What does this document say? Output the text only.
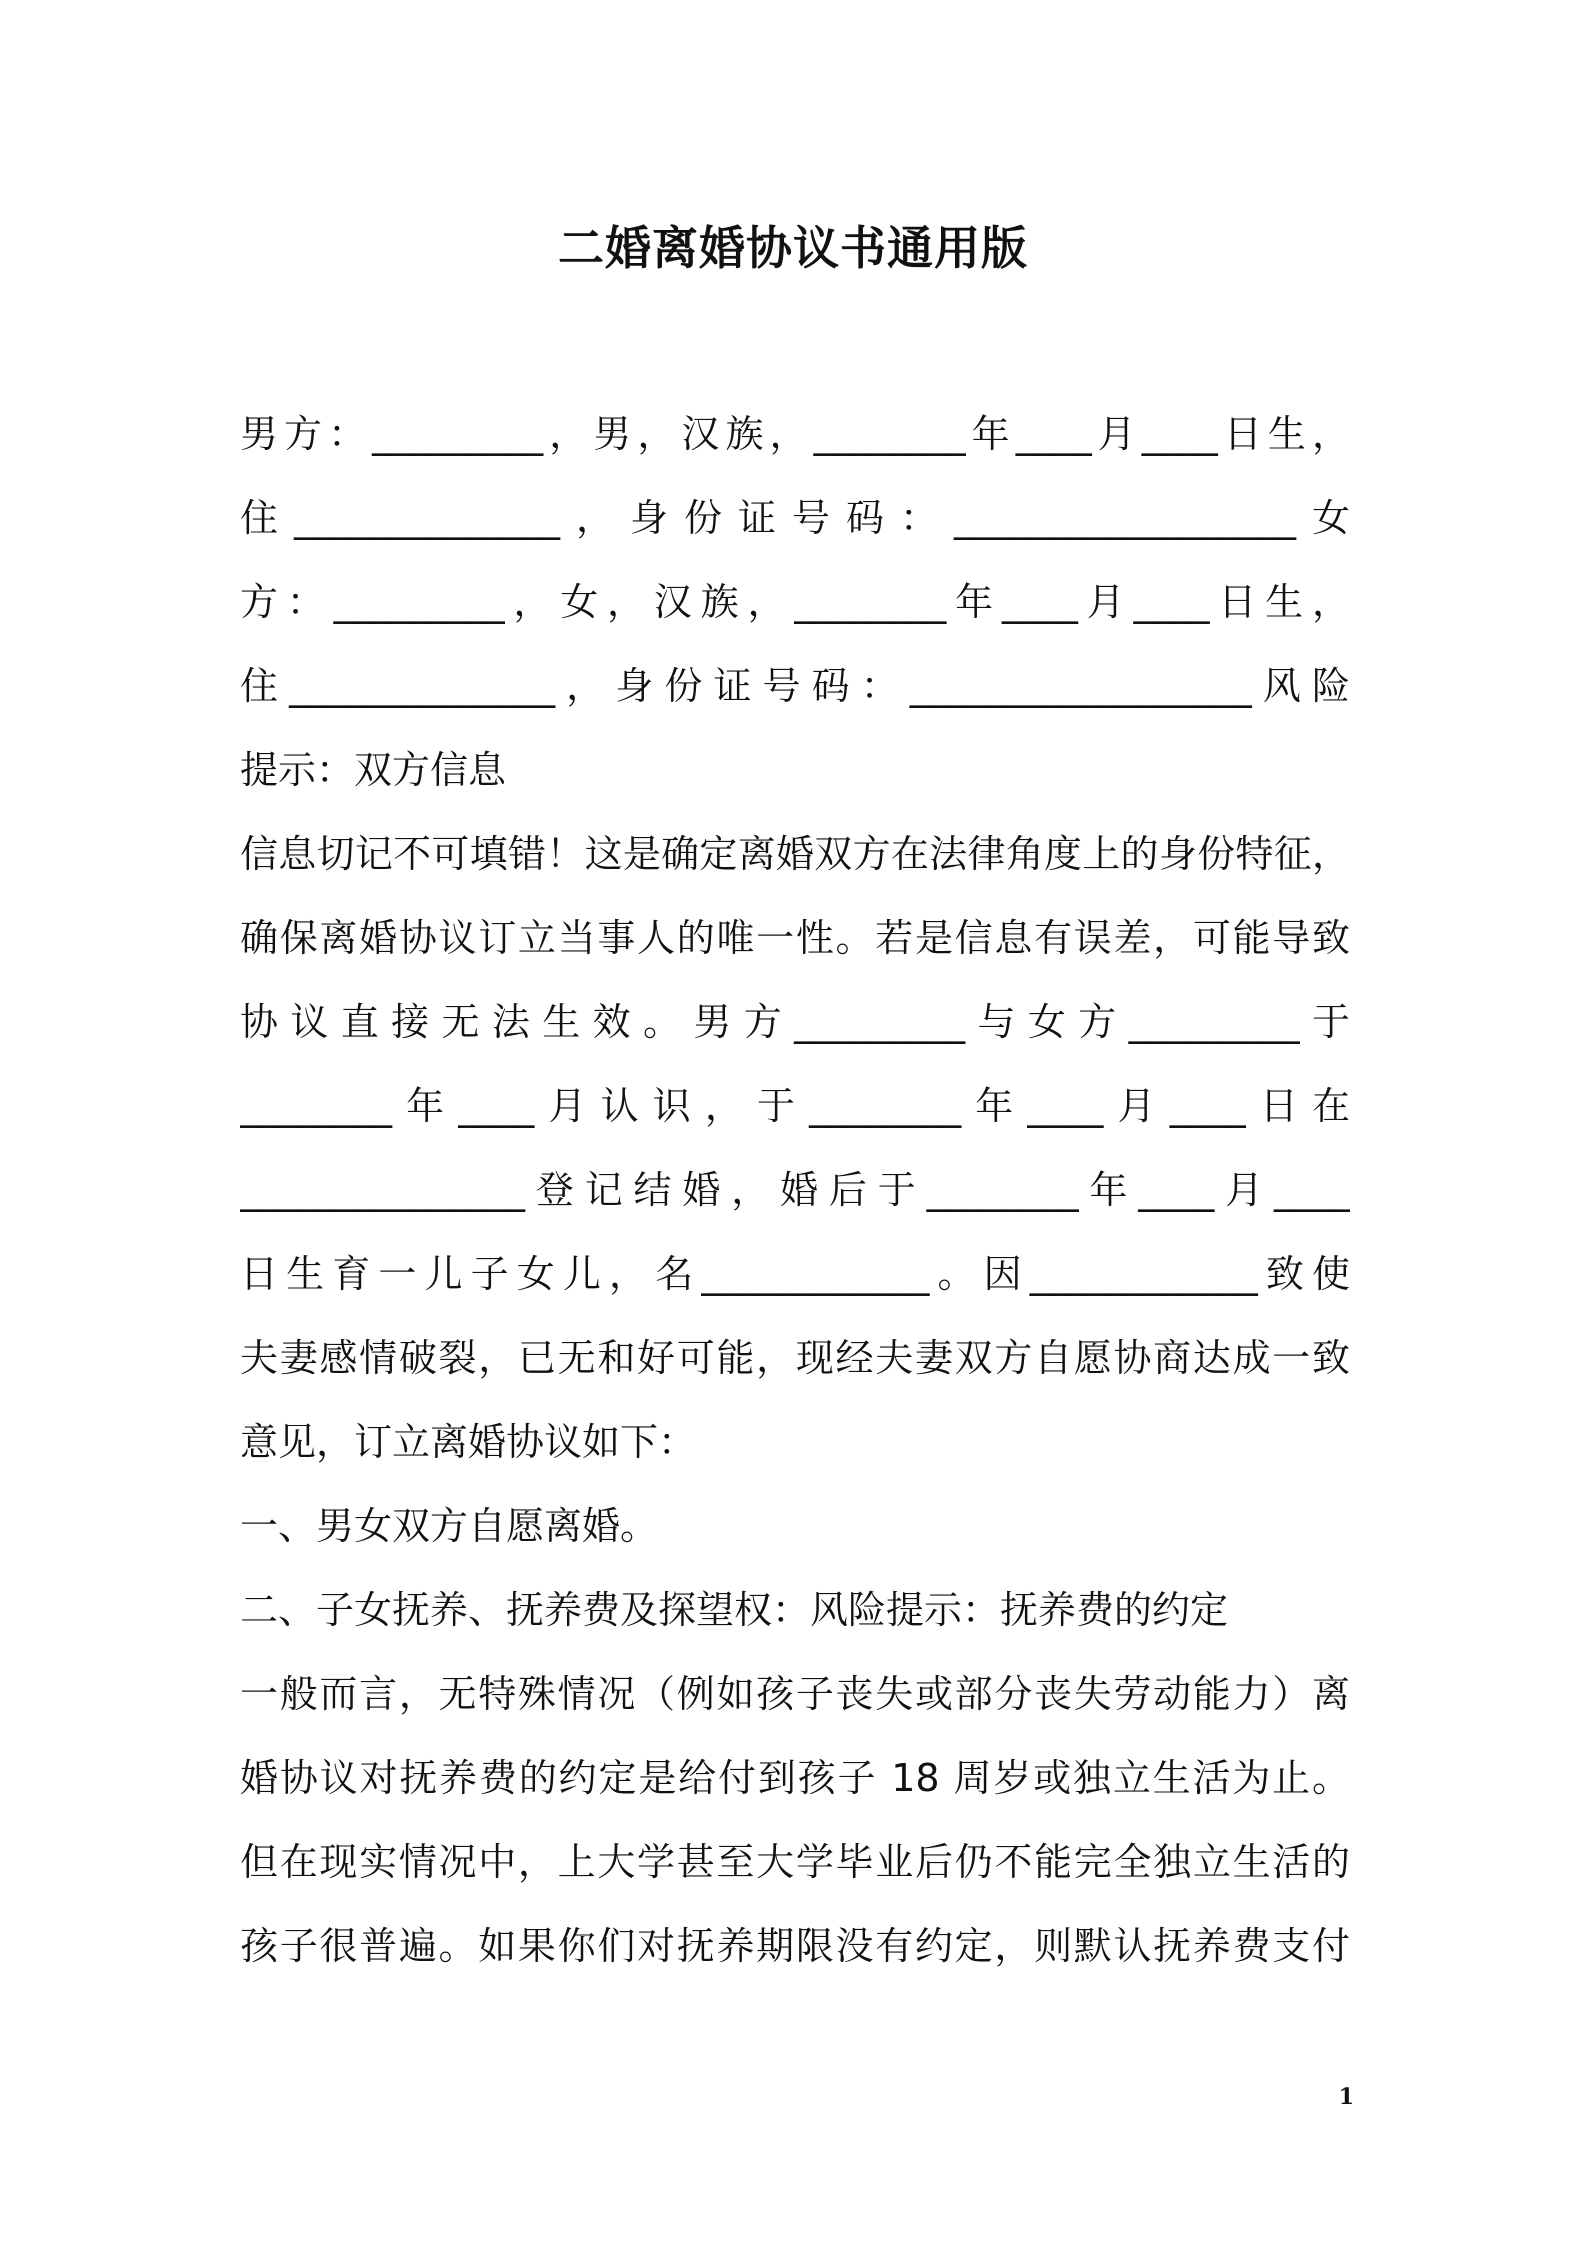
二婚离婚协议书通用版
男方：_________，男，汉族，________年____月____日生，
住______________，身份证号码：__________________女
方：_________，女，汉族，________年____月____日生，
住______________，身份证号码：__________________风险
提示：双方信息
信息切记不可填错！这是确定离婚双方在法律角度上的身份特征，
确保离婚协议订立当事人的唯一性。若是信息有误差，可能导致
协议直接无法生效。男方_________与女方_________于
________年____月认识，于________年____月____日在
_______________登记结婚，婚后于________年____月____
日生育一儿子女儿，名____________。因____________致使
夫妻感情破裂，已无和好可能，现经夫妻双方自愿协商达成一致
意见，订立离婚协议如下：
一、男女双方自愿离婚。
二、子女抚养、抚养费及探望权：风险提示：抚养费的约定
一般而言，无特殊情况（例如孩子丧失或部分丧失劳动能力）离
婚协议对抚养费的约定是给付到孩子 18 周岁或独立生活为止。
但在现实情况中，上大学甚至大学毕业后仍不能完全独立生活的
孩子很普遍。如果你们对抚养期限没有约定，则默认抚养费支付
1
